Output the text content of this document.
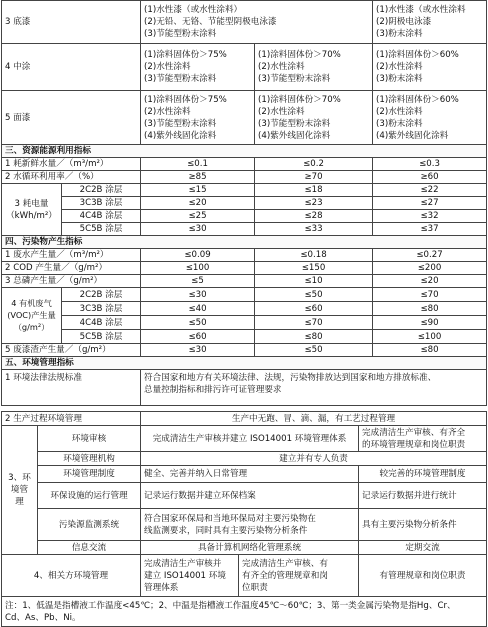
3 底漆		(1)水性漆（或水性涂料）
(2)无铅、无铬、节能型阴极电泳漆
(3)节能型粉末涂料		(1)水性漆（或水性涂料
(2)阴极电泳漆
(3)粉末涂料

4 中涂		(1)涂料固体份＞75%
(2)水性涂料
(3)节能型粉末涂料	(1)涂料固体份＞70%
(2)水性涂料
(3)节能型粉末涂料	(1)涂料固体份＞60%
(2)水性涂料
(3)粉末涂料

5 面漆		(1)涂料固体份＞75%
(2)水性涂料
(3)节能型粉末涂料
(4)紫外线固化涂料	(1)涂料固体份＞70%
(2)水性涂料
(3)节能型粉末涂料
(4)紫外线固化涂料	(1)涂料固体份＞60%
(2)水性涂料
(3)粉末涂料
(4)紫外线固化涂料

三、资源能源利用指标				
1 耗新鲜水量／（m³/m²）		≤0.1	≤0.2	≤0.3
2 水循环利用率／（%）		≥85	≥70	≥60

3 耗电量
（kWh/m²）	2C2B 涂层	≤15	≤18	≤22
	3C3B 涂层	≤20	≤23	≤27
	4C4B 涂层	≤25	≤28	≤32
	5C5B 涂层	≤30	≤33	≤37
四、污染物产生指标				
1 废水产生量／（m³/m²）		≤0.09	≤0.18	≤0.27
2 COD 产生量／（g/m²）		≤100	≤150	≤200
3 总磷产生量／（g/m²）		≤5	≤10	≤20

4 有机废气
(VOC)产生量
（g/m²）	2C2B 涂层	≤30	≤50	≤70
	3C3B 涂层	≤40	≤60	≤80
	4C4B 涂层	≤50	≤70	≤90
	5C5B 涂层	≤60	≤80	≤100
5 废漆渣产生量／（g/m²）		≤30	≤50	≤80
五、环境管理指标				
1 环境法律法规标准		符合国家和地方有关环境法律、法规，污染物排放达到国家和地方排放标准、
总量控制指标和排污许可证管理要求		
2 生产过程环境管理		生产中无跑、冒、滴、漏，有工艺过程管理		

3、环
境管
理	环境审核	完成清洁生产审核并建立 ISO14001 环境管理体系		完成清洁生产审核、有齐全
的环境管理规章和岗位职责

	环境管理机构	建立并有专人负责		
	环境管理制度	健全、完善并纳入日常管理		较完善的环境管理制度
	环保设施的运行管理	记录运行数据并建立环保档案		记录运行数据并进行统计
	污染源监测系统	符合国家环保局和当地环保局对主要污染物在
线监测要求，同时具有主要污染物分析条件		具有主要污染物分析条件
	信息交流	具备计算机网络化管理系统		定期交流
4、相关方环境管理		完成清洁生产审核并
建立 ISO14001 环境
管理体系	完成清洁生产审核、有
有齐全的管理规章和岗
位职责	有管理规章和岗位职责

注：1、低温是指槽液工作温度<45℃；2、中温是指槽液工作温度45℃～60℃；3、第一类金属污染物是指Hg、Cr、
Cd、As、Pb、Ni。				
